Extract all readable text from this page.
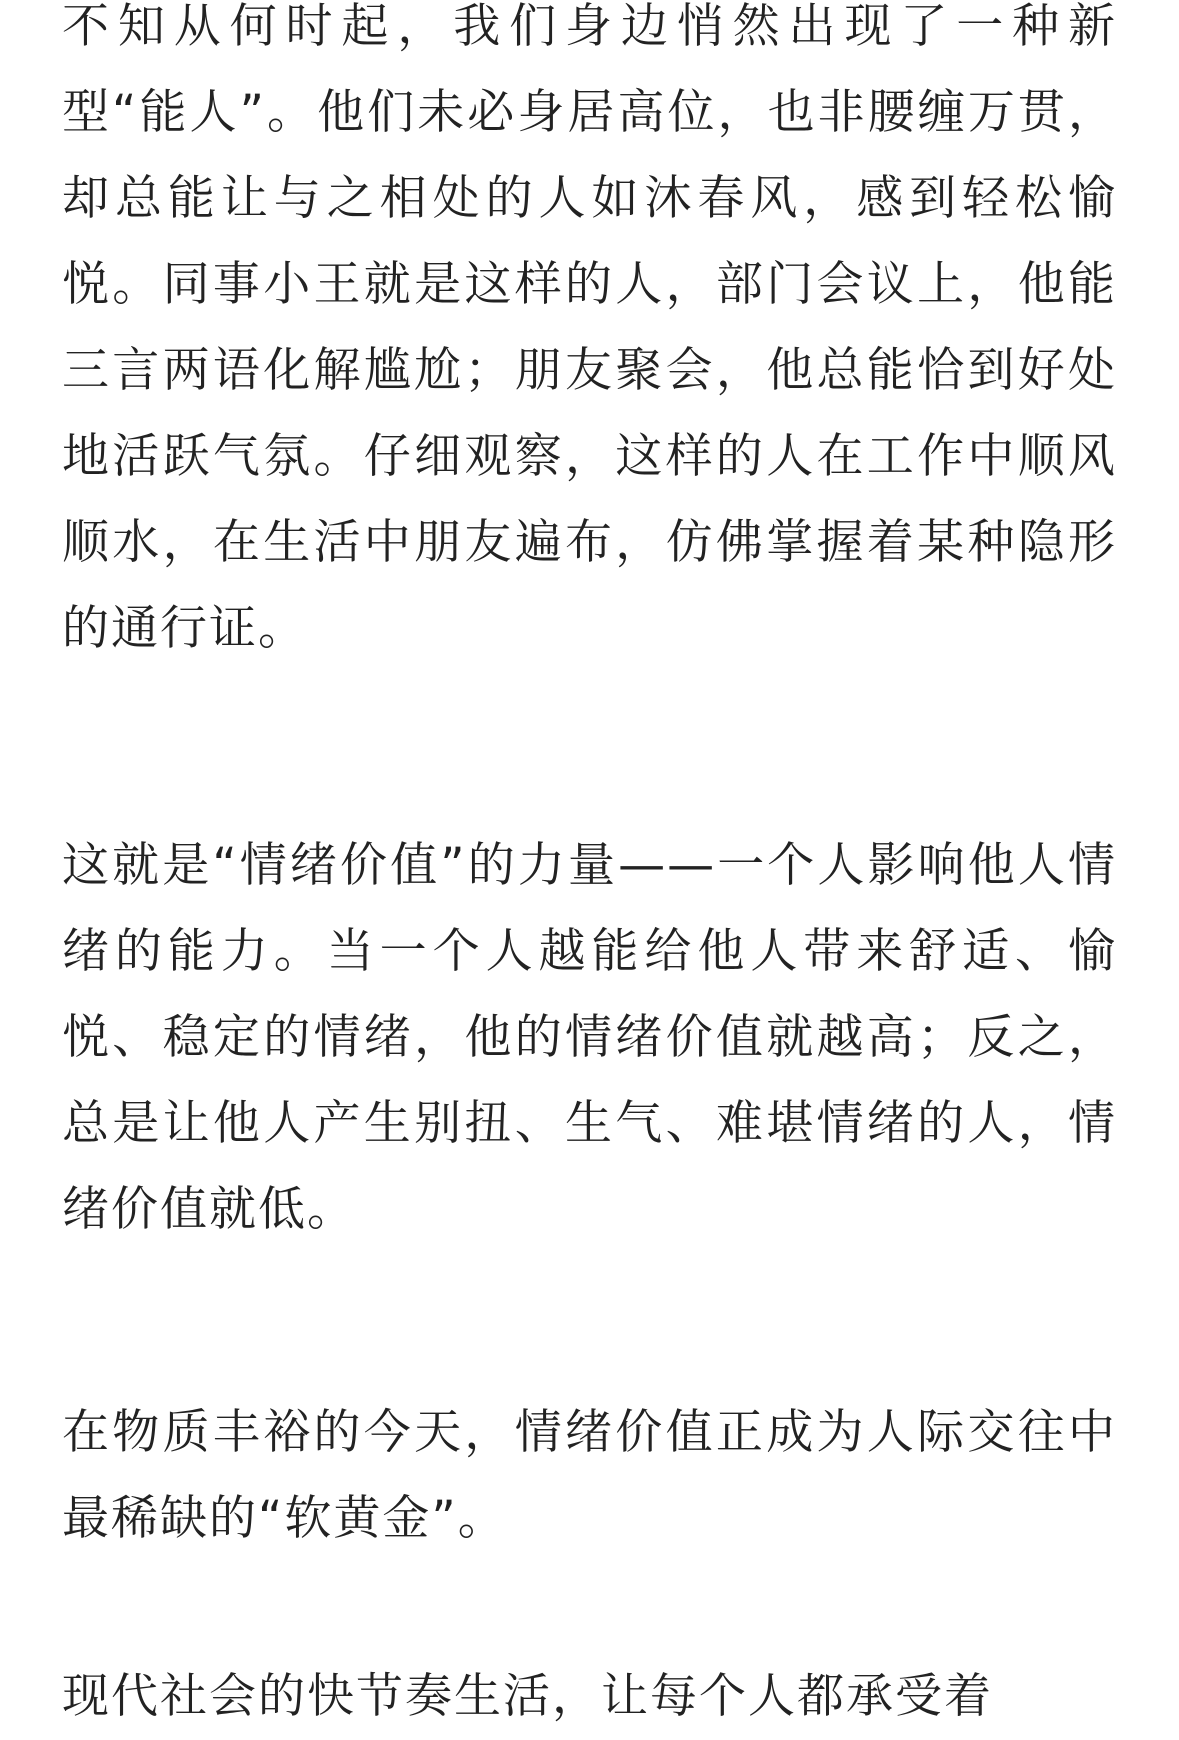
不知从何时起，我们身边悄然出现了一种新型“能人”。他们未必身居高位，也非腰缠万贯，却总能让与之相处的人如沐春风，感到轻松愉悦。同事小王就是这样的人，部门会议上，他能三言两语化解尴尬；朋友聚会，他总能恰到好处地活跃气氛。仔细观察，这样的人在工作中顺风顺水，在生活中朋友遍布，仿佛掌握着某种隐形的通行证。

这就是“情绪价值”的力量——一个人影响他人情绪的能力。当一个人越能给他人带来舒适、愉悦、稳定的情绪，他的情绪价值就越高；反之，总是让他人产生别扭、生气、难堪情绪的人，情绪价值就低。

在物质丰裕的今天，情绪价值正成为人际交往中最稀缺的“软黄金”。

现代社会的快节奏生活，让每个人都承受着
